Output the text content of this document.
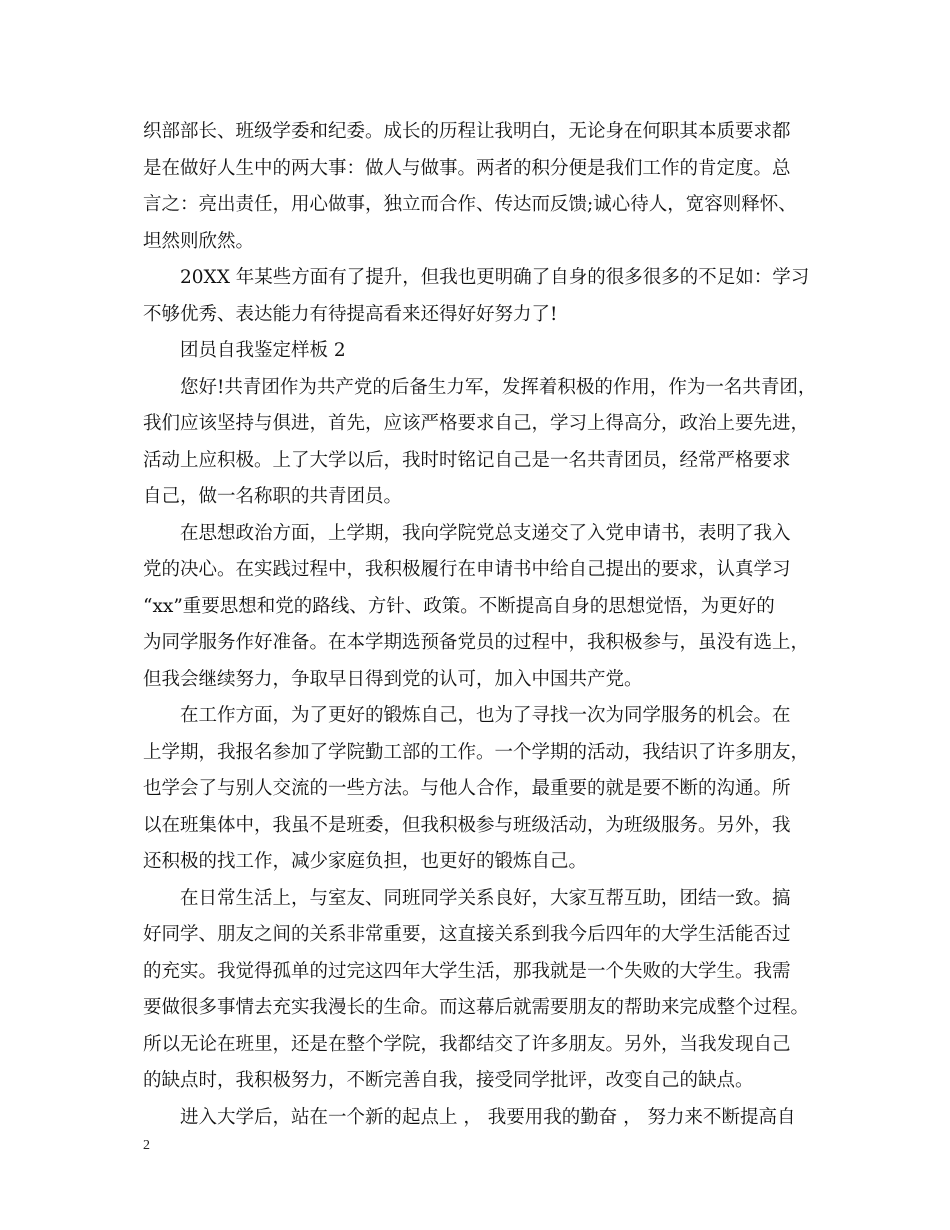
织部部长、班级学委和纪委。成长的历程让我明白，无论身在何职其本质要求都
是在做好人生中的两大事：做人与做事。两者的积分便是我们工作的肯定度。总
言之：亮出责任，用心做事，独立而合作、传达而反馈;诚心待人，宽容则释怀、
坦然则欣然。
20XX 年某些方面有了提升，但我也更明确了自身的很多很多的不足如：学习
不够优秀、表达能力有待提高看来还得好好努力了!
团员自我鉴定样板 2
您好!共青团作为共产党的后备生力军，发挥着积极的作用，作为一名共青团，
我们应该坚持与俱进，首先，应该严格要求自己，学习上得高分，政治上要先进，
活动上应积极。上了大学以后，我时时铭记自己是一名共青团员，经常严格要求
自己，做一名称职的共青团员。
在思想政治方面，上学期，我向学院党总支递交了入党申请书，表明了我入
党的决心。在实践过程中，我积极履行在申请书中给自己提出的要求，认真学习
“xx”重要思想和党的路线、方针、政策。不断提高自身的思想觉悟，为更好的
为同学服务作好准备。在本学期选预备党员的过程中，我积极参与，虽没有选上，
但我会继续努力，争取早日得到党的认可，加入中国共产党。
在工作方面，为了更好的锻炼自己，也为了寻找一次为同学服务的机会。在
上学期，我报名参加了学院勤工部的工作。一个学期的活动，我结识了许多朋友，
也学会了与别人交流的一些方法。与他人合作，最重要的就是要不断的沟通。所
以在班集体中，我虽不是班委，但我积极参与班级活动，为班级服务。另外，我
还积极的找工作，减少家庭负担，也更好的锻炼自己。
在日常生活上，与室友、同班同学关系良好，大家互帮互助，团结一致。搞
好同学、朋友之间的关系非常重要，这直接关系到我今后四年的大学生活能否过
的充实。我觉得孤单的过完这四年大学生活，那我就是一个失败的大学生。我需
要做很多事情去充实我漫长的生命。而这幕后就需要朋友的帮助来完成整个过程。
所以无论在班里，还是在整个学院，我都结交了许多朋友。另外，当我发现自己
的缺点时，我积极努力，不断完善自我，接受同学批评，改变自己的缺点。
进入大学后，站在一个新的起点上 ， 我要用我的勤奋 ， 努力来不断提高自
2
